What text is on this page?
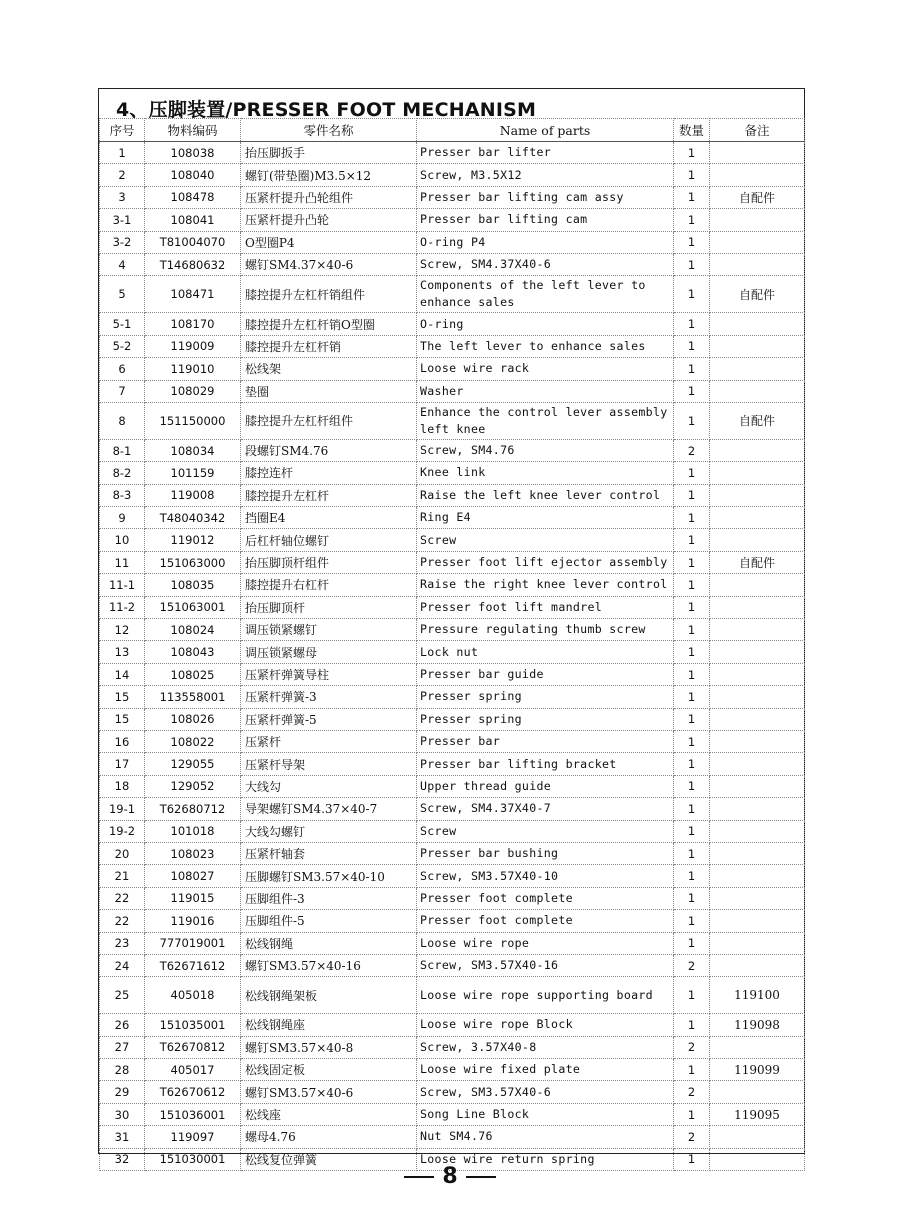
4、压脚装置/PRESSER FOOT MECHANISM
序号	物料编码	零件名称	Name of parts	数量	备注
1	108038	抬压脚扳手	Presser bar lifter	1	
2	108040	螺钉(带垫圈)M3.5×12	Screw, M3.5X12	1	
3	108478	压紧杆提升凸轮组件	Presser bar lifting cam assy	1	自配件
3-1	108041	压紧杆提升凸轮	Presser bar lifting cam	1	
3-2	T81004070	O型圈P4	O-ring P4	1	
4	T14680632	螺钉SM4.37×40-6	Screw, SM4.37X40-6	1	
5	108471	膝控提升左杠杆销组件	Components of the left lever to enhance sales	1	自配件
5-1	108170	膝控提升左杠杆销O型圈	O-ring	1	
5-2	119009	膝控提升左杠杆销	The left lever to enhance sales	1	
6	119010	松线架	Loose wire rack	1	
7	108029	垫圈	Washer	1	
8	151150000	膝控提升左杠杆组件	Enhance the control lever assembly left knee	1	自配件
8-1	108034	段螺钉SM4.76	Screw, SM4.76	2	
8-2	101159	膝控连杆	Knee link	1	
8-3	119008	膝控提升左杠杆	Raise the left knee lever control	1	
9	T48040342	挡圈E4	Ring E4	1	
10	119012	后杠杆轴位螺钉	Screw	1	
11	151063000	抬压脚顶杆组件	Presser foot lift ejector assembly	1	自配件
11-1	108035	膝控提升右杠杆	Raise the right knee lever control	1	
11-2	151063001	抬压脚顶杆	Presser foot lift mandrel	1	
12	108024	调压锁紧螺钉	Pressure regulating thumb screw	1	
13	108043	调压锁紧螺母	Lock nut	1	
14	108025	压紧杆弹簧导柱	Presser bar guide	1	
15	113558001	压紧杆弹簧-3	Presser spring	1	
15	108026	压紧杆弹簧-5	Presser spring	1	
16	108022	压紧杆	Presser bar	1	
17	129055	压紧杆导架	Presser bar lifting bracket	1	
18	129052	大线勾	Upper thread guide	1	
19-1	T62680712	导架螺钉SM4.37×40-7	Screw, SM4.37X40-7	1	
19-2	101018	大线勾螺钉	Screw	1	
20	108023	压紧杆轴套	Presser bar bushing	1	
21	108027	压脚螺钉SM3.57×40-10	Screw, SM3.57X40-10	1	
22	119015	压脚组件-3	Presser foot complete	1	
22	119016	压脚组件-5	Presser foot complete	1	
23	777019001	松线钢绳	Loose wire rope	1	
24	T62671612	螺钉SM3.57×40-16	Screw, SM3.57X40-16	2	
25	405018	松线钢绳架板	Loose wire rope supporting board	1	119100
26	151035001	松线钢绳座	Loose wire rope Block	1	119098
27	T62670812	螺钉SM3.57×40-8	Screw, 3.57X40-8	2	
28	405017	松线固定板	Loose wire fixed plate	1	119099
29	T62670612	螺钉SM3.57×40-6	Screw, SM3.57X40-6	2	
30	151036001	松线座	Song Line Block	1	119095
31	119097	螺母4.76	Nut SM4.76	2	
32	151030001	松线复位弹簧	Loose wire return spring	1	
8
